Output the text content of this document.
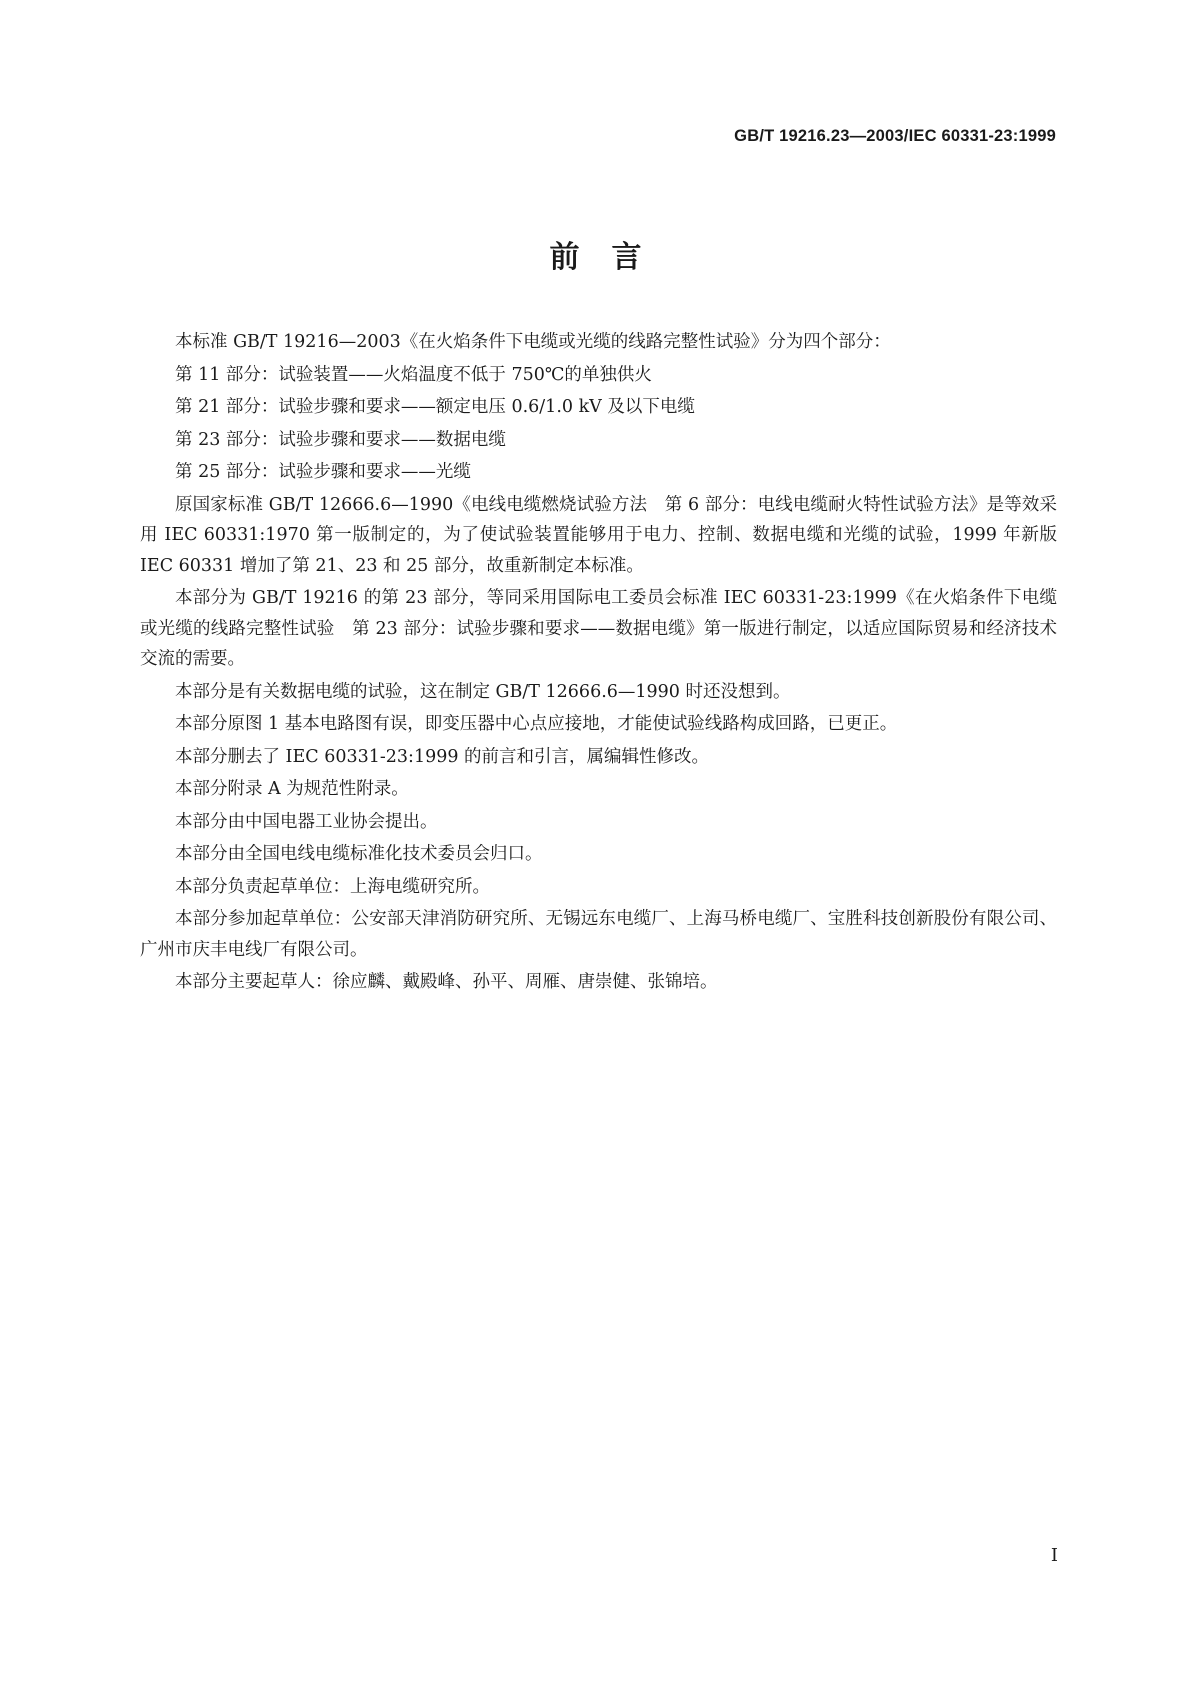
GB/T 19216.23—2003/IEC 60331-23:1999
前言

本标准 GB/T 19216—2003《在火焰条件下电缆或光缆的线路完整性试验》分为四个部分：

第 11 部分：试验装置——火焰温度不低于 750℃的单独供火

第 21 部分：试验步骤和要求——额定电压 0.6/1.0 kV 及以下电缆

第 23 部分：试验步骤和要求——数据电缆

第 25 部分：试验步骤和要求——光缆

原国家标准 GB/T 12666.6—1990《电线电缆燃烧试验方法　第 6 部分：电线电缆耐火特性试验方法》是等效采用 IEC 60331:1970 第一版制定的，为了使试验装置能够用于电力、控制、数据电缆和光缆的试验，1999 年新版 IEC 60331 增加了第 21、23 和 25 部分，故重新制定本标准。

本部分为 GB/T 19216 的第 23 部分，等同采用国际电工委员会标准 IEC 60331-23:1999《在火焰条件下电缆或光缆的线路完整性试验　第 23 部分：试验步骤和要求——数据电缆》第一版进行制定，以适应国际贸易和经济技术交流的需要。

本部分是有关数据电缆的试验，这在制定 GB/T 12666.6—1990 时还没想到。

本部分原图 1 基本电路图有误，即变压器中心点应接地，才能使试验线路构成回路，已更正。

本部分删去了 IEC 60331-23:1999 的前言和引言，属编辑性修改。

本部分附录 A 为规范性附录。

本部分由中国电器工业协会提出。

本部分由全国电线电缆标准化技术委员会归口。

本部分负责起草单位：上海电缆研究所。

本部分参加起草单位：公安部天津消防研究所、无锡远东电缆厂、上海马桥电缆厂、宝胜科技创新股份有限公司、广州市庆丰电线厂有限公司。

本部分主要起草人：徐应麟、戴殿峰、孙平、周雁、唐崇健、张锦培。

I
